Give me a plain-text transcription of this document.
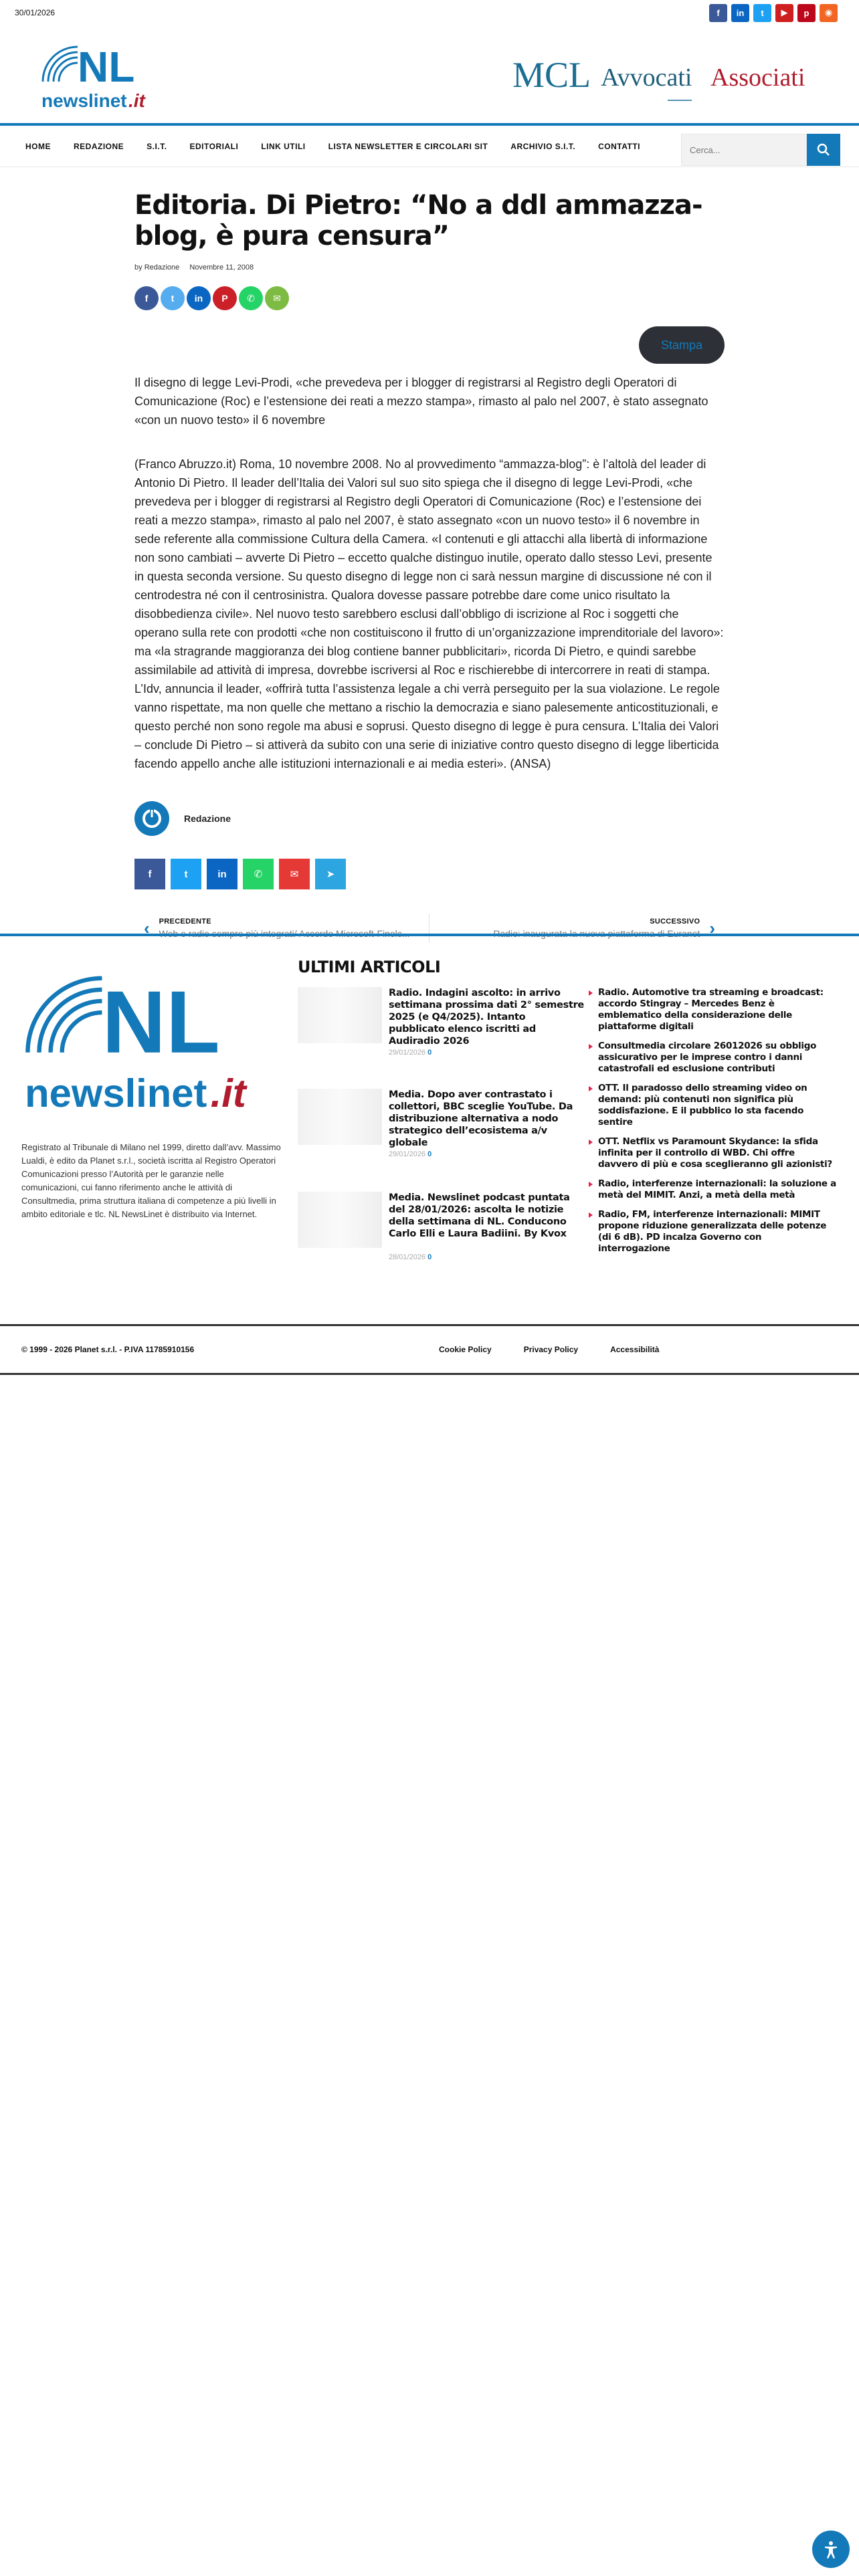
30/01/2026	f	in	t	▶	p	◉
NL
newslinet .it
MCL Avvocati Associati
HOME	REDAZIONE	S.I.T.	EDITORIALI	LINK UTILI	LISTA NEWSLETTER E CIRCOLARI SIT	ARCHIVIO S.I.T.	CONTATTI
Cerca...
Editoria. Di Pietro: “No a ddl ammazza-blog, è pura censura”
by Redazione Novembre 11, 2008
f	t	in	P	✆	✉
Stampa

Il disegno di legge Levi-Prodi, «che prevedeva per i blogger di registrarsi al Registro degli Operatori di Comunicazione (Roc) e l’estensione dei reati a mezzo stampa», rimasto al palo nel 2007, è stato assegnato «con un nuovo testo» il 6 novembre

(Franco Abruzzo.it) Roma, 10 novembre 2008. No al provvedimento “ammazza-blog”: è l’altolà del leader di Antonio Di Pietro. Il leader dell’Italia dei Valori sul suo sito spiega che il disegno di legge Levi-Prodi, «che prevedeva per i blogger di registrarsi al Registro degli Operatori di Comunicazione (Roc) e l’estensione dei reati a mezzo stampa», rimasto al palo nel 2007, è stato assegnato «con un nuovo testo» il 6 novembre in sede referente alla commissione Cultura della Camera. «I contenuti e gli attacchi alla libertà di informazione non sono cambiati – avverte Di Pietro – eccetto qualche distinguo inutile, operato dallo stesso Levi, presente in questa seconda versione. Su questo disegno di legge non ci sarà nessun margine di discussione né con il centrodestra né con il centrosinistra. Qualora dovesse passare potrebbe dare come unico risultato la disobbedienza civile». Nel nuovo testo sarebbero esclusi dall’obbligo di iscrizione al Roc i soggetti che operano sulla rete con prodotti «che non costituiscono il frutto di un’organizzazione imprenditoriale del lavoro»: ma «la stragrande maggioranza dei blog contiene banner pubblicitari», ricorda Di Pietro, e quindi sarebbe assimilabile ad attività di impresa, dovrebbe iscriversi al Roc e rischierebbe di intercorrere in reati di stampa. L’Idv, annuncia il leader, «offrirà tutta l’assistenza legale a chi verrà perseguito per la sua violazione. Le regole vanno rispettate, ma non quelle che mettano a rischio la democrazia e siano palesemente anticostituzionali, e questo perché non sono regole ma abusi e soprusi. Questo disegno di legge è pura censura. L’Italia dei Valori – conclude Di Pietro – si attiverà da subito con una serie di iniziative contro questo disegno di legge liberticida facendo appello anche alle istituzioni internazionali e ai media esteri». (ANSA)

Redazione
f	t	in	✆	✉	➤
‹ PRECEDENTE
Web e radio sempre più integrati/ Accordo Microsoft-Finelc...
SUCCESSIVO
Radio: inaugurata la nuova piattaforma di Euranet ›
NL
newslinet .it

Registrato al Tribunale di Milano nel 1999, diretto dall’avv. Massimo Lualdi, è edito da Planet s.r.l., società iscritta al Registro Operatori Comunicazioni presso l’Autorità per le garanzie nelle comunicazioni, cui fanno riferimento anche le attività di Consultmedia, prima struttura italiana di competenze a più livelli in ambito editoriale e tlc. NL NewsLinet è distribuito via Internet.

ULTIMI ARTICOLI
Radio. Indagini ascolto: in arrivo settimana prossima dati 2° semestre 2025 (e Q4/2025). Intanto pubblicato elenco iscritti ad Audiradio 2026
29/01/2026 0
Media. Dopo aver contrastato i collettori, BBC sceglie YouTube. Da distribuzione alternativa a nodo strategico dell’ecosistema a/v globale
29/01/2026 0
Media. Newslinet podcast puntata del 28/01/2026: ascolta le notizie della settimana di NL. Conducono Carlo Elli e Laura Badiini. By Kvox
28/01/2026 0
Radio. Automotive tra streaming e broadcast: accordo Stingray – Mercedes Benz è emblematico della considerazione delle piattaforme digitali
Consultmedia circolare 26012026 su obbligo assicurativo per le imprese contro i danni catastrofali ed esclusione contributi
OTT. Il paradosso dello streaming video on demand: più contenuti non significa più soddisfazione. E il pubblico lo sta facendo sentire
OTT. Netflix vs Paramount Skydance: la sfida infinita per il controllo di WBD. Chi offre davvero di più e cosa sceglieranno gli azionisti?
Radio, interferenze internazionali: la soluzione a metà del MIMIT. Anzi, a metà della metà
Radio, FM, interferenze internazionali: MIMIT propone riduzione generalizzata delle potenze (di 6 dB). PD incalza Governo con interrogazione
© 1999 - 2026 Planet s.r.l. - P.IVA 11785910156	Cookie Policy	Privacy Policy	Accessibilità
